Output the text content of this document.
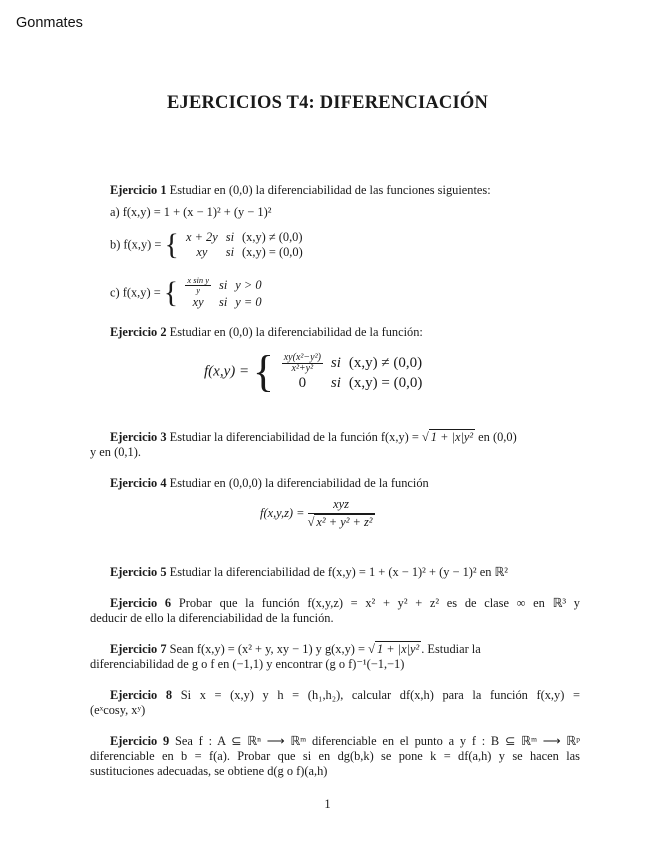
Gonmates
EJERCICIOS T4: DIFERENCIACIÓN
Ejercicio 1 Estudiar en (0,0) la diferenciabilidad de las funciones siguientes:
a) f(x,y) = 1 + (x − 1)² + (y − 1)²
b) f(x,y) = { x + 2y	si	(x,y) ≠ (0,0)
xy	si	(x,y) = (0,0)
c) f(x,y) = { $\frac{\text{x sin y}}{y}$	si	y > 0
xy	si	y = 0
Ejercicio 2 Estudiar en (0,0) la diferenciabilidad de la función:
f(x,y) = { $\frac{\text{xy(x²−y²)}}{\text{x²+y²}}$	si	(x,y) ≠ (0,0)
0	si	(x,y) = (0,0)
Ejercicio 3 Estudiar la diferenciabilidad de la función f(x,y) = √ 1 + |x|y² en (0,0)
y en (0,1).
Ejercicio 4 Estudiar en (0,0,0) la diferenciabilidad de la función
$f(x,y,z) = \frac{\text{xyz}}{\text{√ x² + y² + z²}}$
Ejercicio 5 Estudiar la diferenciabilidad de f(x,y) = 1 + (x − 1)² + (y − 1)² en ℝ²
Ejercicio 6 Probar que la función f(x,y,z) = x² + y² + z² es de clase ∞ en ℝ³ y
deducir de ello la diferenciabilidad de la función.
Ejercicio 7 Sean f(x,y) = (x² + y, xy − 1) y g(x,y) = √ 1 + |x|y² . Estudiar la
diferenciabilidad de g o f en (−1,1) y encontrar (g o f)⁻¹(−1,−1)
Ejercicio 8 Si x = (x,y) y h = (h₁,h₂), calcular df(x,h) para la función f(x,y) =
(eˣcosy, xʸ)
Ejercicio 9 Sea f : A ⊆ ℝⁿ ⟶ ℝᵐ diferenciable en el punto a y f : B ⊆ ℝᵐ ⟶ ℝᵖ
diferenciable en b = f(a). Probar que si en dg(b,k) se pone k = df(a,h) y se hacen las
sustituciones adecuadas, se obtiene d(g o f)(a,h)
1
